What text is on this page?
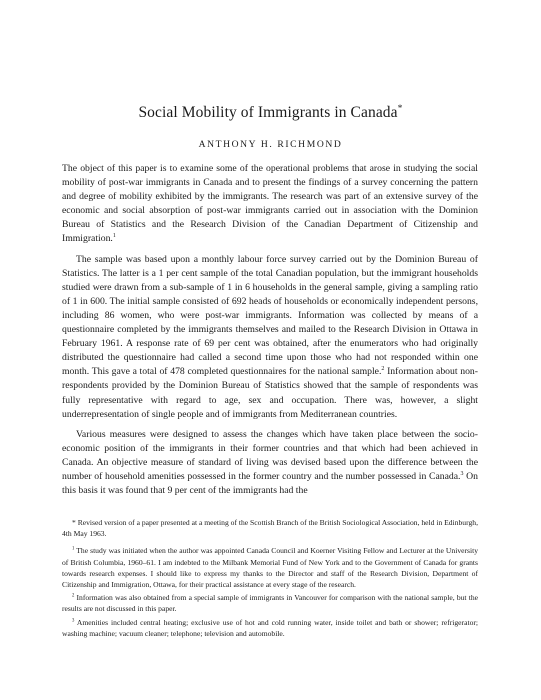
Social Mobility of Immigrants in Canada*
ANTHONY H. RICHMOND

The object of this paper is to examine some of the operational problems that arose in studying the social mobility of post-war immigrants in Canada and to present the findings of a survey concerning the pattern and degree of mobility exhibited by the immigrants. The research was part of an extensive survey of the economic and social absorption of post-war immigrants carried out in association with the Dominion Bureau of Statistics and the Research Division of the Canadian Department of Citizenship and Immigration.$^1$

The sample was based upon a monthly labour force survey carried out by the Dominion Bureau of Statistics. The latter is a 1 per cent sample of the total Canadian population, but the immigrant households studied were drawn from a sub-sample of 1 in 6 households in the general sample, giving a sampling ratio of 1 in 600. The initial sample consisted of 692 heads of households or economically independent persons, including 86 women, who were post-war immigrants. Information was collected by means of a questionnaire completed by the immigrants themselves and mailed to the Research Division in Ottawa in February 1961. A response rate of 69 per cent was obtained, after the enumerators who had originally distributed the questionnaire had called a second time upon those who had not responded within one month. This gave a total of 478 completed questionnaires for the national sample.$^2$ Information about non-respondents provided by the Dominion Bureau of Statistics showed that the sample of respondents was fully representative with regard to age, sex and occupation. There was, however, a slight underrepresentation of single people and of immigrants from Mediterranean countries.

Various measures were designed to assess the changes which have taken place between the socio-economic position of the immigrants in their former countries and that which had been achieved in Canada. An objective measure of standard of living was devised based upon the difference between the number of household amenities possessed in the former country and the number possessed in Canada.$^3$ On this basis it was found that 9 per cent of the immigrants had the

* Revised version of a paper presented at a meeting of the Scottish Branch of the British Sociological Association, held in Edinburgh, 4th May 1963.

$^1$ The study was initiated when the author was appointed Canada Council and Koerner Visiting Fellow and Lecturer at the University of British Columbia, 1960–61. I am indebted to the Milbank Memorial Fund of New York and to the Government of Canada for grants towards research expenses. I should like to express my thanks to the Director and staff of the Research Division, Department of Citizenship and Immigration, Ottawa, for their practical assistance at every stage of the research.

$^2$ Information was also obtained from a special sample of immigrants in Vancouver for comparison with the national sample, but the results are not discussed in this paper.

$^3$ Amenities included central heating; exclusive use of hot and cold running water, inside toilet and bath or shower; refrigerator; washing machine; vacuum cleaner; telephone; television and automobile.
